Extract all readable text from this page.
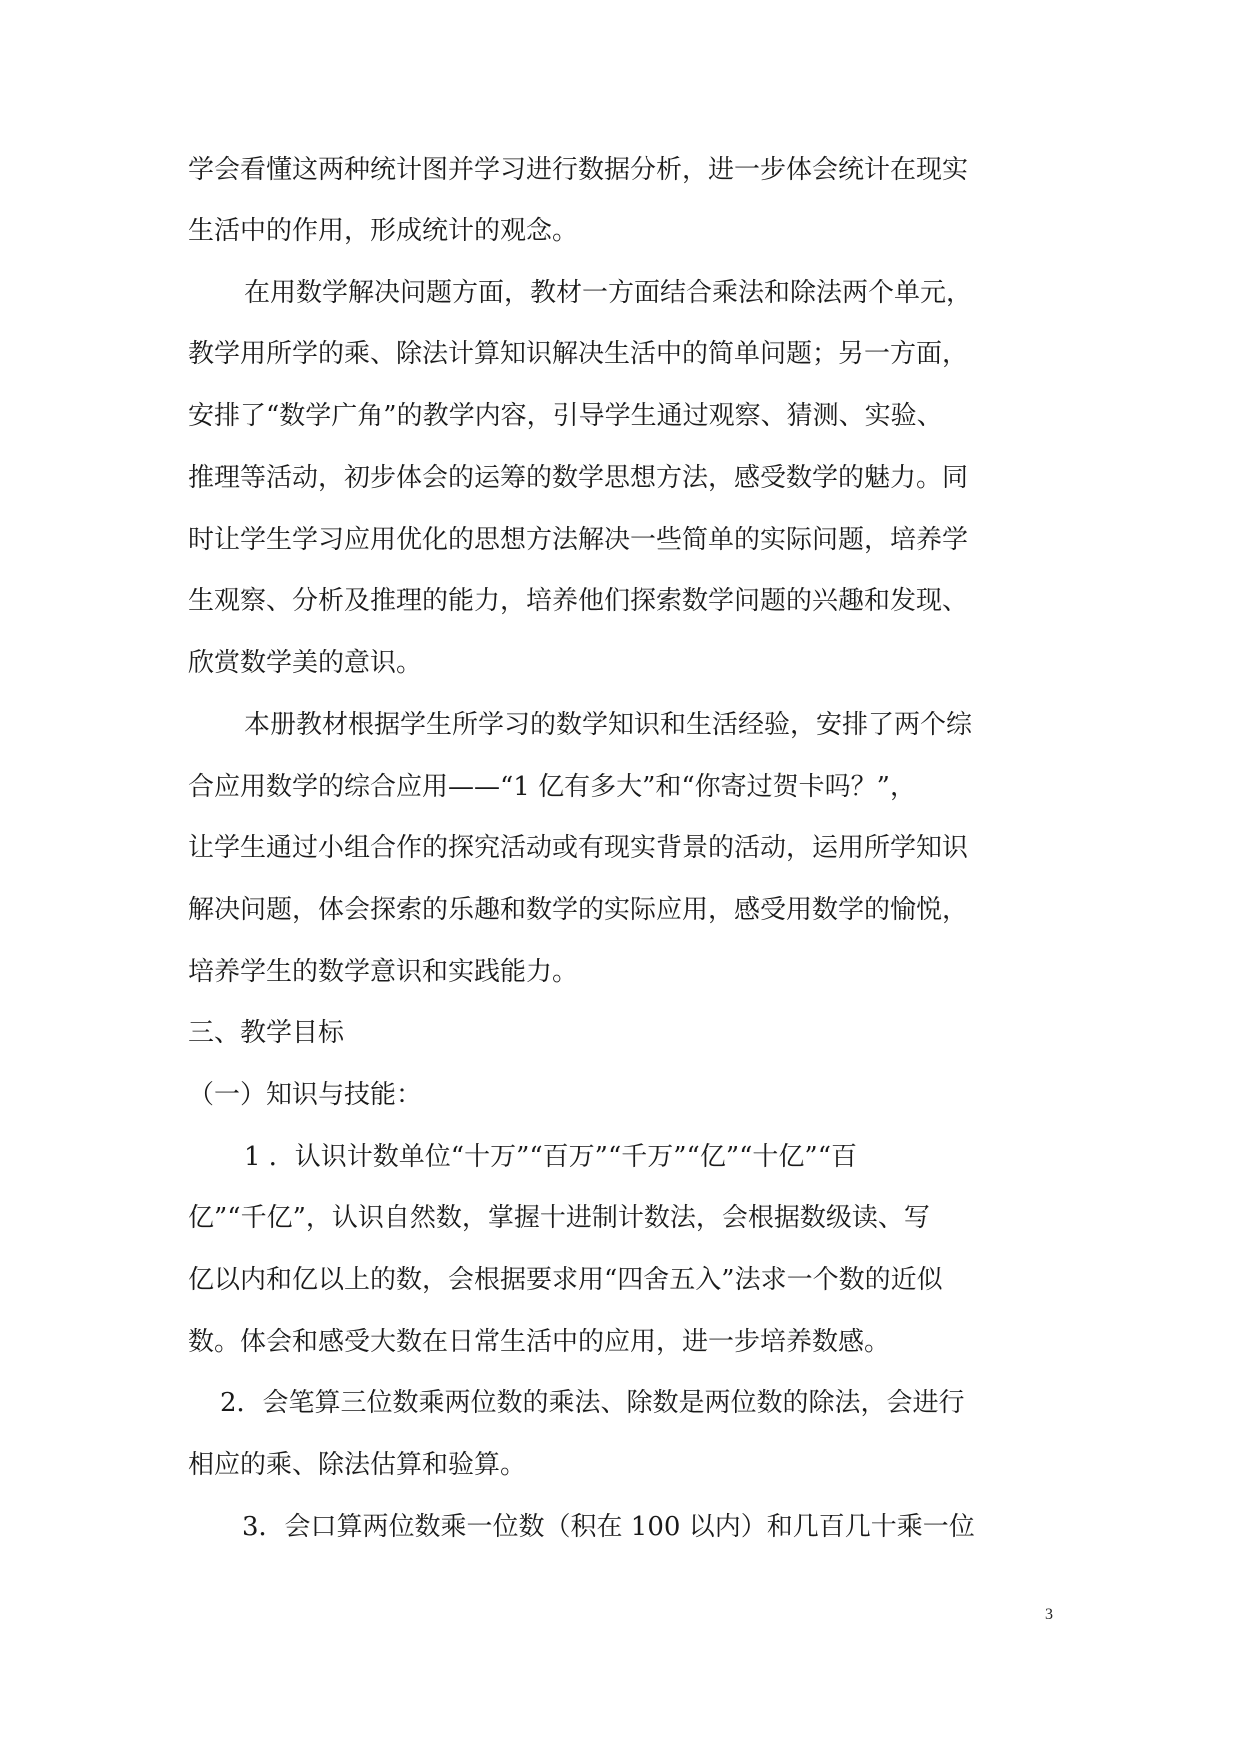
学会看懂这两种统计图并学习进行数据分析，进一步体会统计在现实
生活中的作用，形成统计的观念。
在用数学解决问题方面，教材一方面结合乘法和除法两个单元，
教学用所学的乘、除法计算知识解决生活中的简单问题；另一方面，
安排了“数学广角”的教学内容，引导学生通过观察、猜测、实验、
推理等活动，初步体会的运筹的数学思想方法，感受数学的魅力。同
时让学生学习应用优化的思想方法解决一些简单的实际问题，培养学
生观察、分析及推理的能力，培养他们探索数学问题的兴趣和发现、
欣赏数学美的意识。
本册教材根据学生所学习的数学知识和生活经验，安排了两个综
合应用数学的综合应用——“1 亿有多大”和“你寄过贺卡吗？”，
让学生通过小组合作的探究活动或有现实背景的活动，运用所学知识
解决问题，体会探索的乐趣和数学的实际应用，感受用数学的愉悦，
培养学生的数学意识和实践能力。
三、教学目标
（一）知识与技能：
1 ．认识计数单位“十万”“百万”“千万”“亿”“十亿”“百
亿”“千亿”，认识自然数，掌握十进制计数法，会根据数级读、写
亿以内和亿以上的数，会根据要求用“四舍五入”法求一个数的近似
数。体会和感受大数在日常生活中的应用，进一步培养数感。
2．会笔算三位数乘两位数的乘法、除数是两位数的除法，会进行
相应的乘、除法估算和验算。
3．会口算两位数乘一位数（积在 100 以内）和几百几十乘一位
3
